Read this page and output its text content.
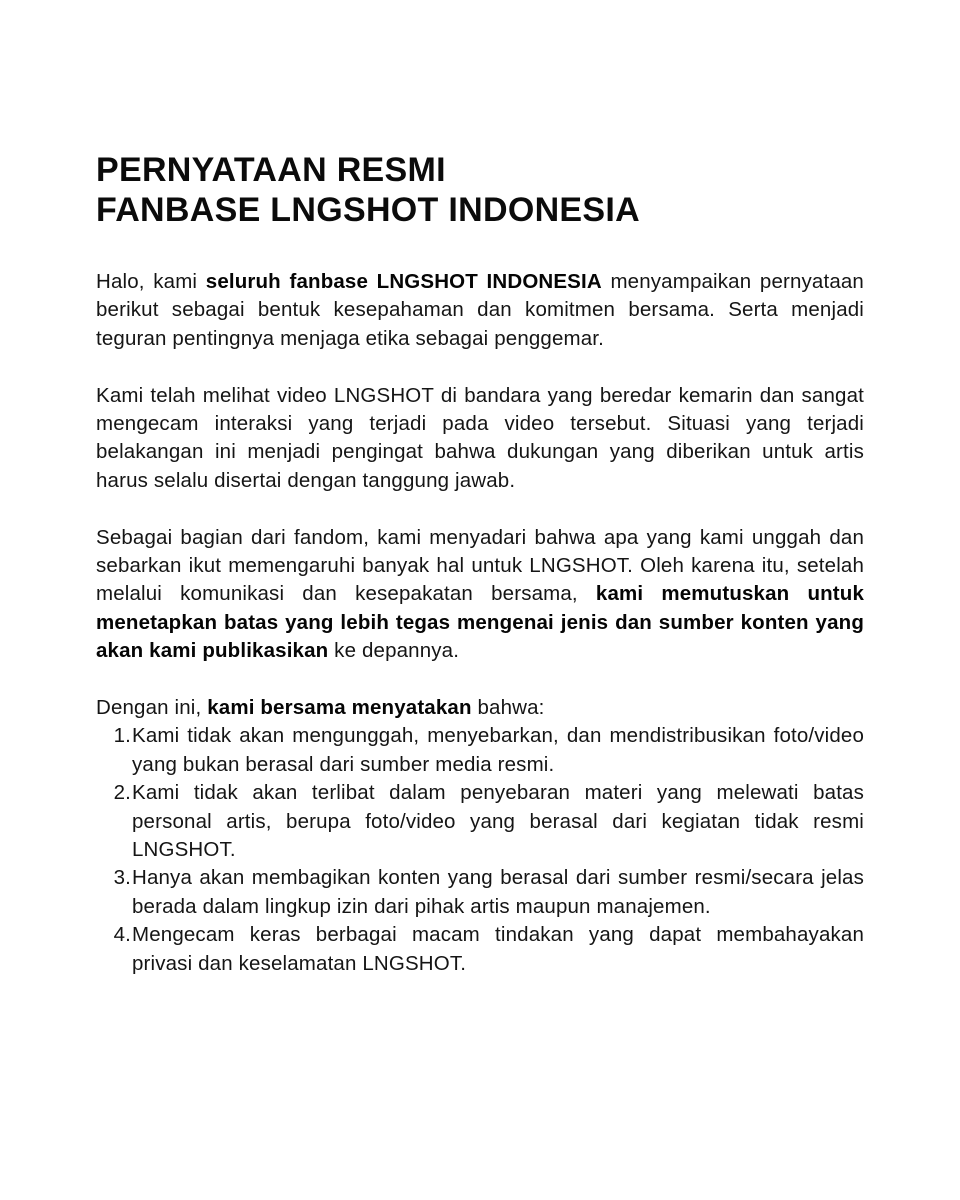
PERNYATAAN RESMI
FANBASE LNGSHOT INDONESIA

Halo, kami seluruh fanbase LNGSHOT INDONESIA menyampaikan pernyataan berikut sebagai bentuk kesepahaman dan komitmen bersama. Serta menjadi teguran pentingnya menjaga etika sebagai penggemar.

Kami telah melihat video LNGSHOT di bandara yang beredar kemarin dan sangat mengecam interaksi yang terjadi pada video tersebut. Situasi yang terjadi belakangan ini menjadi pengingat bahwa dukungan yang diberikan untuk artis harus selalu disertai dengan tanggung jawab.

Sebagai bagian dari fandom, kami menyadari bahwa apa yang kami unggah dan sebarkan ikut memengaruhi banyak hal untuk LNGSHOT. Oleh karena itu, setelah melalui komunikasi dan kesepakatan bersama, kami memutuskan untuk menetapkan batas yang lebih tegas mengenai jenis dan sumber konten yang akan kami publikasikan ke depannya.

Dengan ini, kami bersama menyatakan bahwa:

1. Kami tidak akan mengunggah, menyebarkan, dan mendistribusikan foto/video yang bukan berasal dari sumber media resmi.
2. Kami tidak akan terlibat dalam penyebaran materi yang melewati batas personal artis, berupa foto/video yang berasal dari kegiatan tidak resmi LNGSHOT.
3. Hanya akan membagikan konten yang berasal dari sumber resmi/secara jelas berada dalam lingkup izin dari pihak artis maupun manajemen.
4. Mengecam keras berbagai macam tindakan yang dapat membahayakan privasi dan keselamatan LNGSHOT.
